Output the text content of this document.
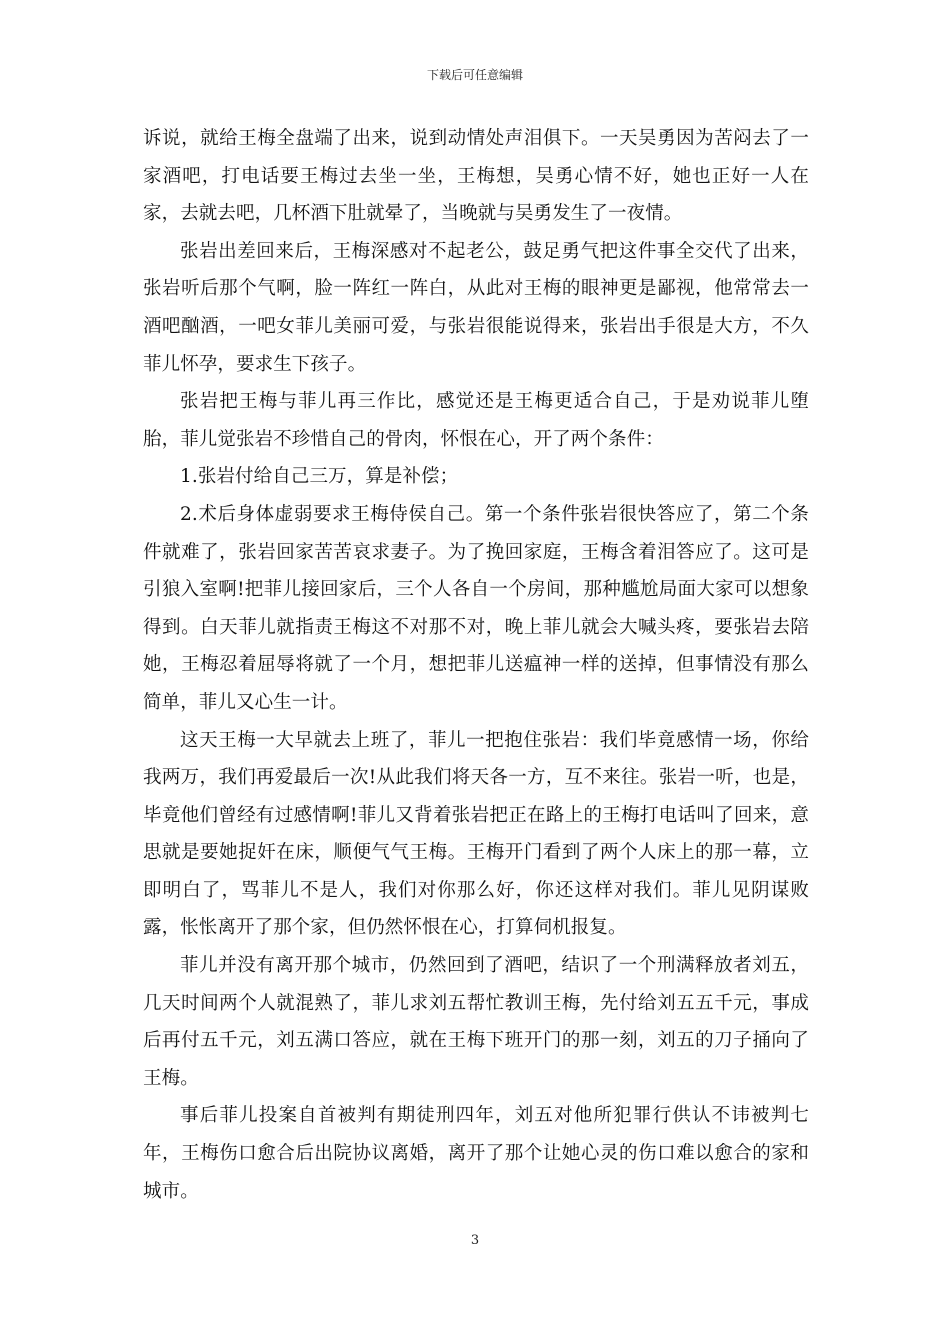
下载后可任意编辑

诉说，就给王梅全盘端了出来，说到动情处声泪俱下。一天吴勇因为苦闷去了一家酒吧，打电话要王梅过去坐一坐，王梅想，吴勇心情不好，她也正好一人在家，去就去吧，几杯酒下肚就晕了，当晚就与吴勇发生了一夜情。

张岩出差回来后，王梅深感对不起老公，鼓足勇气把这件事全交代了出来，张岩听后那个气啊，脸一阵红一阵白，从此对王梅的眼神更是鄙视，他常常去一酒吧酗酒，一吧女菲儿美丽可爱，与张岩很能说得来，张岩出手很是大方，不久菲儿怀孕，要求生下孩子。

张岩把王梅与菲儿再三作比，感觉还是王梅更适合自己，于是劝说菲儿堕胎，菲儿觉张岩不珍惜自己的骨肉，怀恨在心，开了两个条件：

1.张岩付给自己三万，算是补偿；

2.术后身体虚弱要求王梅侍侯自己。第一个条件张岩很快答应了，第二个条件就难了，张岩回家苦苦哀求妻子。为了挽回家庭，王梅含着泪答应了。这可是引狼入室啊!把菲儿接回家后，三个人各自一个房间，那种尴尬局面大家可以想象得到。白天菲儿就指责王梅这不对那不对，晚上菲儿就会大喊头疼，要张岩去陪她，王梅忍着屈辱将就了一个月，想把菲儿送瘟神一样的送掉，但事情没有那么简单，菲儿又心生一计。

这天王梅一大早就去上班了，菲儿一把抱住张岩：我们毕竟感情一场，你给我两万，我们再爱最后一次!从此我们将天各一方，互不来往。张岩一听，也是，毕竟他们曾经有过感情啊!菲儿又背着张岩把正在路上的王梅打电话叫了回来，意思就是要她捉奸在床，顺便气气王梅。王梅开门看到了两个人床上的那一幕，立即明白了，骂菲儿不是人，我们对你那么好，你还这样对我们。菲儿见阴谋败露，怅怅离开了那个家，但仍然怀恨在心，打算伺机报复。

菲儿并没有离开那个城市，仍然回到了酒吧，结识了一个刑满释放者刘五，几天时间两个人就混熟了，菲儿求刘五帮忙教训王梅，先付给刘五五千元，事成后再付五千元，刘五满口答应，就在王梅下班开门的那一刻，刘五的刀子捅向了王梅。

事后菲儿投案自首被判有期徒刑四年，刘五对他所犯罪行供认不讳被判七年，王梅伤口愈合后出院协议离婚，离开了那个让她心灵的伤口难以愈合的家和城市。

3
